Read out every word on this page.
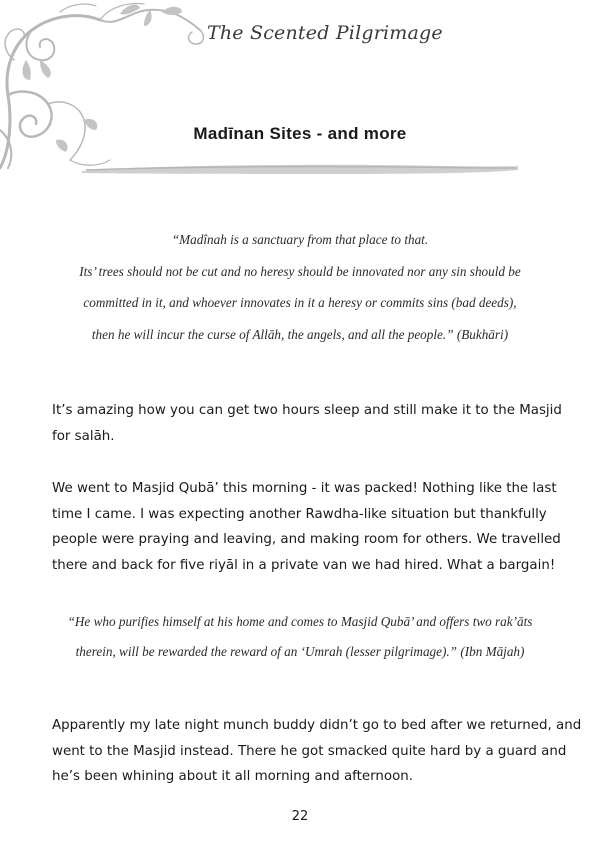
The Scented Pilgrimage
Madīnan Sites - and more
“Madînah is a sanctuary from that place to that.
Its’ trees should not be cut and no heresy should be innovated nor any sin should be
committed in it, and whoever innovates in it a heresy or commits sins (bad deeds),
then he will incur the curse of Allāh, the angels, and all the people.” (Bukhāri)
It’s amazing how you can get two hours sleep and still make it to the Masjid
for salāh.
We went to Masjid Qubā’ this morning - it was packed! Nothing like the last
time I came. I was expecting another Rawdha-like situation but thankfully
people were praying and leaving, and making room for others. We travelled
there and back for five riyāl in a private van we had hired. What a bargain!
“He who purifies himself at his home and comes to Masjid Qubā’ and offers two rak’āts
therein, will be rewarded the reward of an ‘Umrah (lesser pilgrimage).” (Ibn Mājah)
Apparently my late night munch buddy didn’t go to bed after we returned, and
went to the Masjid instead. There he got smacked quite hard by a guard and
he’s been whining about it all morning and afternoon.
22
